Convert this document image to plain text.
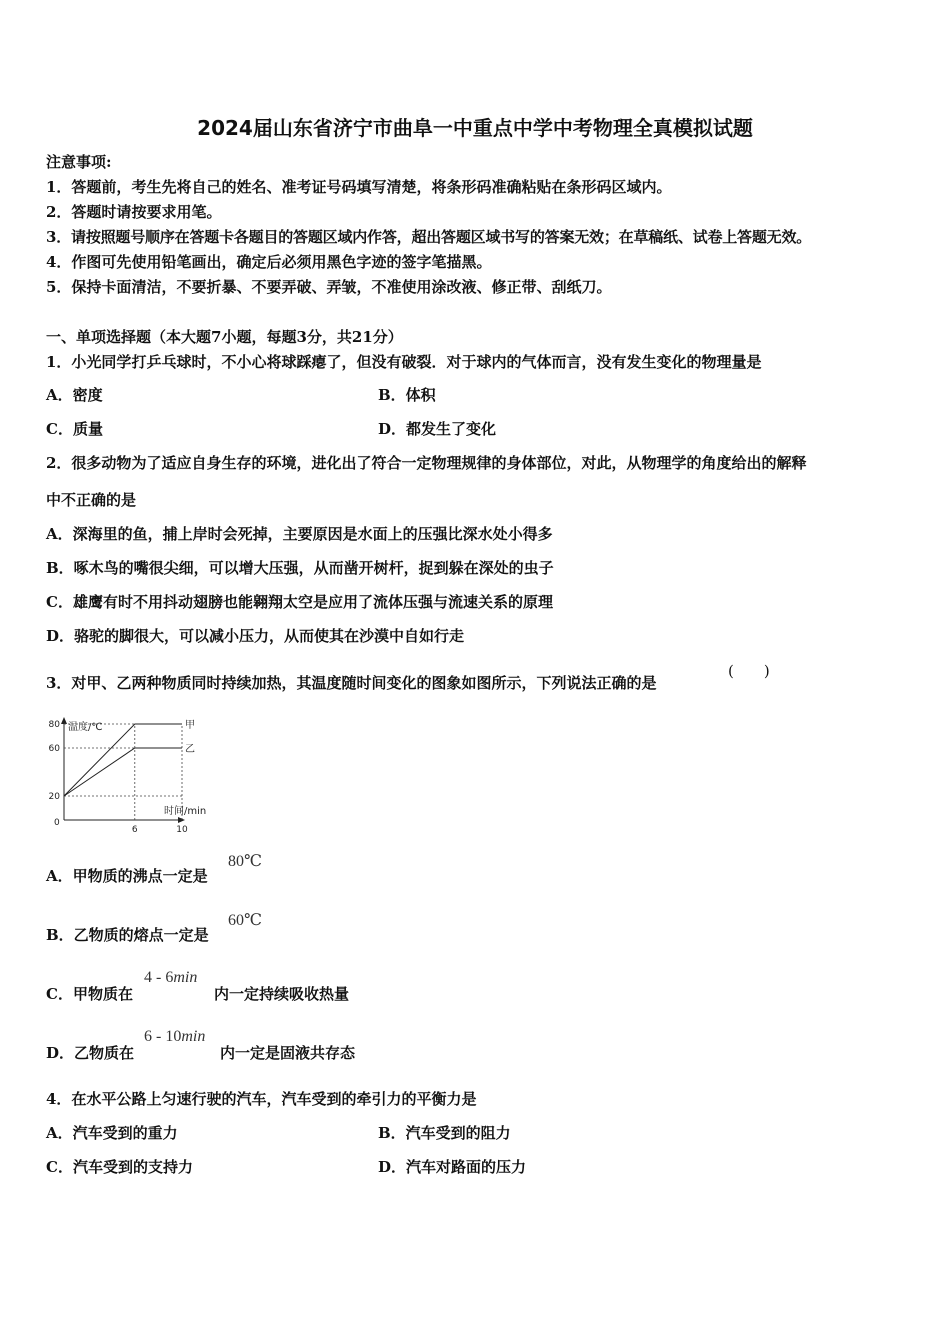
2024届山东省济宁市曲阜一中重点中学中考物理全真模拟试题
注意事项:
1．答题前，考生先将自己的姓名、准考证号码填写清楚，将条形码准确粘贴在条形码区域内。
2．答题时请按要求用笔。
3．请按照题号顺序在答题卡各题目的答题区域内作答，超出答题区域书写的答案无效；在草稿纸、试卷上答题无效。
4．作图可先使用铅笔画出，确定后必须用黑色字迹的签字笔描黑。
5．保持卡面清洁，不要折暴、不要弄破、弄皱，不准使用涂改液、修正带、刮纸刀。
一、单项选择题（本大题7小题，每题3分，共21分）
1．小光同学打乒乓球时，不小心将球踩瘪了，但没有破裂．对于球内的气体而言，没有发生变化的物理量是
A．密度	B．体积
C．质量	D．都发生了变化
2．很多动物为了适应自身生存的环境，进化出了符合一定物理规律的身体部位，对此，从物理学的角度给出的解释
中不正确的是
A．深海里的鱼，捕上岸时会死掉，主要原因是水面上的压强比深水处小得多
B．啄木鸟的嘴很尖细，可以增大压强，从而凿开树杆，捉到躲在深处的虫子
C．雄鹰有时不用抖动翅膀也能翱翔太空是应用了流体压强与流速关系的原理
D．骆驼的脚很大，可以减小压力，从而使其在沙漠中自如行走
3．对甲、乙两种物质同时持续加热，其温度随时间变化的图象如图所示，下列说法正确的是
(　　)
温度/℃
时间/min
0
20
60
80
6	10
甲
乙
A．甲物质的沸点一定是
80℃
B．乙物质的熔点一定是
60℃
C．甲物质在
4 - 6min
内一定持续吸收热量
D．乙物质在
6 - 10min
内一定是固液共存态
4．在水平公路上匀速行驶的汽车，汽车受到的牵引力的平衡力是
A．汽车受到的重力	B．汽车受到的阻力
C．汽车受到的支持力	D．汽车对路面的压力
